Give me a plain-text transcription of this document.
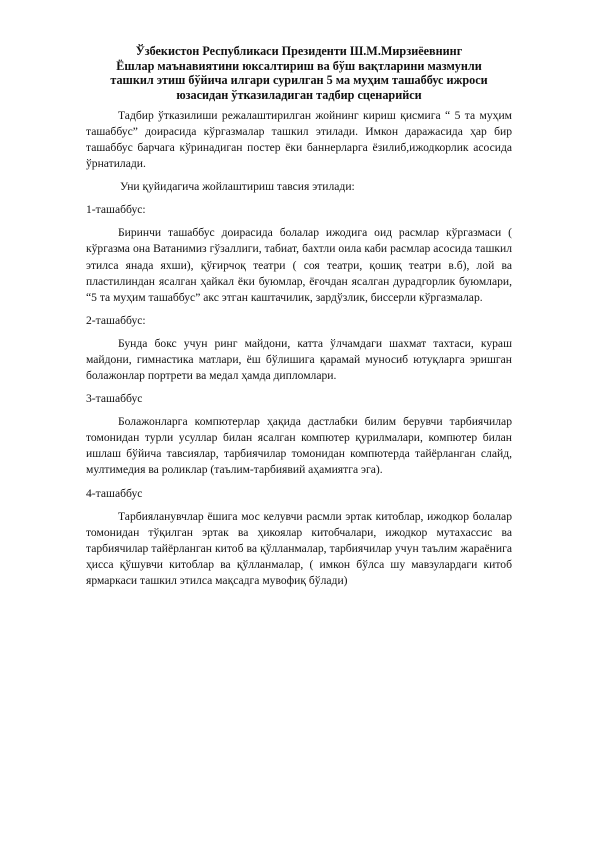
Ўзбекистон Республикаси Президенти Ш.М.Мирзиёевнинг
Ёшлар маънавиятини юксалтириш ва бўш вақтларини мазмунли
ташкил этиш бўйича илгари сурилган 5 ма муҳим ташаббус ижроси
юзасидан ўтказиладиган тадбир сценарийси

Тадбир ўтказилиши режалаштирилган жойнинг кириш қисмига “ 5 та муҳим ташаббус” доирасида кўргазмалар ташкил этилади. Имкон даражасида ҳар бир ташаббус барчага кўринадиган постер ёки баннерларга ёзилиб,ижодкорлик асосида ўрнатилади.

Уни қуйидагича жойлаштириш тавсия этилади:

1-ташаббус:

Биринчи ташаббус доирасида болалар ижодига оид расмлар кўргазмаси ( кўргазма она Ватанимиз гўзаллиги, табиат, бахтли оила каби расмлар асосида ташкил этилса янада яхши), қўғирчоқ театри ( соя театри, қошиқ театри в.б), лой ва пластилиндан ясалган ҳайкал ёки буюмлар, ёғочдан ясалган дурадгорлик буюмлари, “5 та муҳим ташаббус” акс этган каштачилик, зардўзлик, биссерли кўргазмалар.

2-ташаббус:

Бунда бокс учун ринг майдони, катта ўлчамдаги шахмат тахтаси, кураш майдони, гимнастика матлари, ёш бўлишига қарамай муносиб ютуқларга эришган болажонлар портрети ва медал ҳамда дипломлари.

3-ташаббус

Болажонларга компютерлар ҳақида дастлабки билим берувчи тарбиячилар томонидан турли усуллар билан ясалган компютер қурилмалари, компютер билан ишлаш бўйича тавсиялар, тарбиячилар томонидан компютерда тайёрланган слайд, мултимедия ва роликлар (таълим-тарбиявий аҳамиятга эга).

4-ташаббус

Тарбияланувчлар ёшига мос келувчи расмли эртак китоблар, ижодкор болалар томонидан тўқилган эртак ва ҳикоялар китобчалари, ижодкор мутахассис ва тарбиячилар тайёрланган китоб ва қўлланмалар, тарбиячилар учун таълим жараёнига ҳисса қўшувчи китоблар ва қўлланмалар, ( имкон бўлса шу мавзулардаги китоб ярмаркаси ташкил этилса мақсадга мувофиқ бўлади)
